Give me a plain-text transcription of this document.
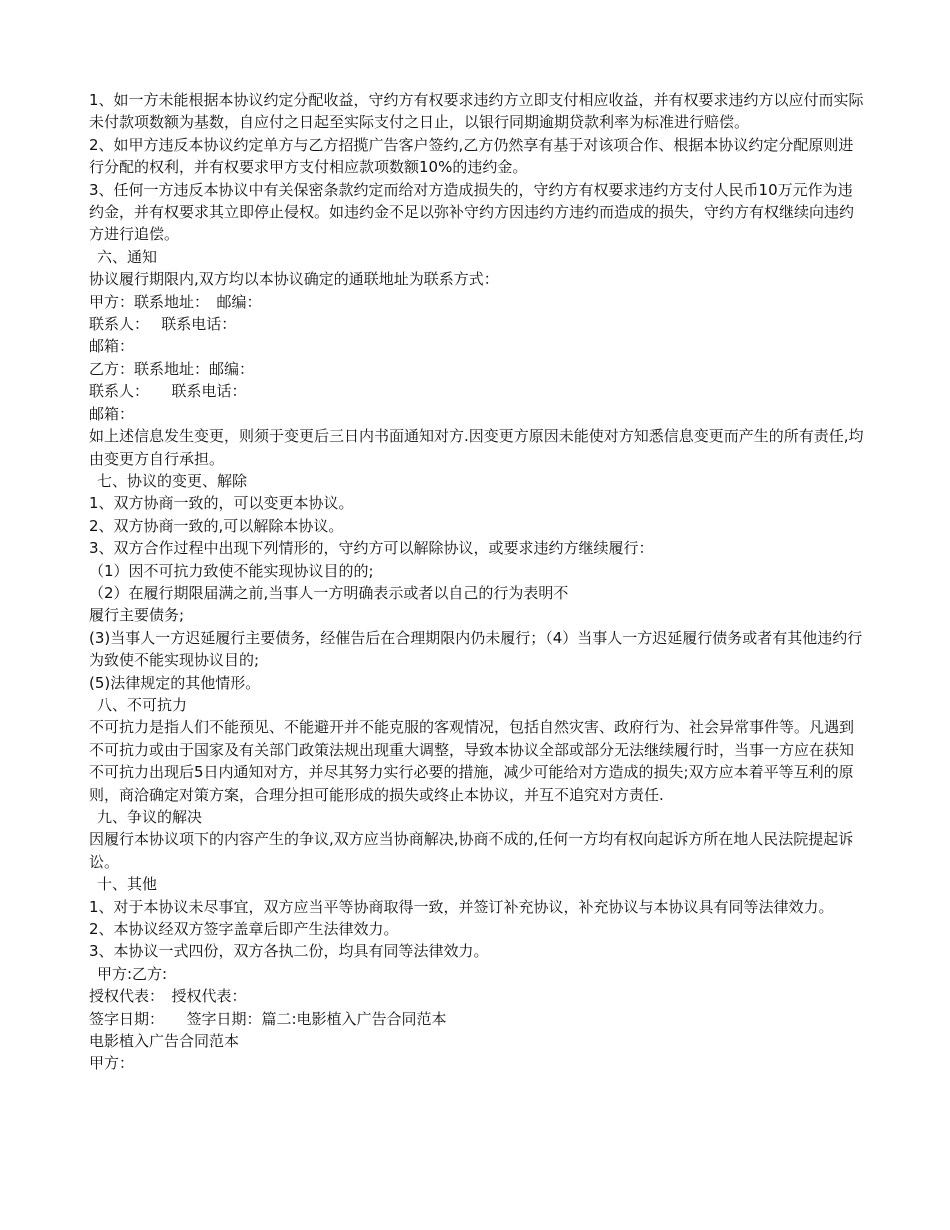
1、如一方未能根据本协议约定分配收益，守约方有权要求违约方立即支付相应收益，并有权要求违约方以应付而实际未付款项数额为基数，自应付之日起至实际支付之日止，以银行同期逾期贷款利率为标准进行赔偿。

2、如甲方违反本协议约定单方与乙方招揽广告客户签约,乙方仍然享有基于对该项合作、根据本协议约定分配原则进行分配的权利，并有权要求甲方支付相应款项数额10%的违约金。

3、任何一方违反本协议中有关保密条款约定而给对方造成损失的，守约方有权要求违约方支付人民币10万元作为违约金，并有权要求其立即停止侵权。如违约金不足以弥补守约方因违约方违约而造成的损失，守约方有权继续向违约方进行追偿。

六、通知

协议履行期限内,双方均以本协议确定的通联地址为联系方式：

甲方：联系地址：　邮编：

联系人：　 联系电话：

邮箱：

乙方：联系地址：邮编：

联系人：　　联系电话：

邮箱：

如上述信息发生变更，则须于变更后三日内书面通知对方.因变更方原因未能使对方知悉信息变更而产生的所有责任,均由变更方自行承担。

七、协议的变更、解除

1、双方协商一致的，可以变更本协议。

2、双方协商一致的,可以解除本协议。

3、双方合作过程中出现下列情形的，守约方可以解除协议，或要求违约方继续履行：

（1）因不可抗力致使不能实现协议目的的;

（2）在履行期限届满之前,当事人一方明确表示或者以自己的行为表明不

履行主要债务;

(3)当事人一方迟延履行主要债务，经催告后在合理期限内仍未履行；（4）当事人一方迟延履行债务或者有其他违约行为致使不能实现协议目的;

(5)法律规定的其他情形。

八、不可抗力

不可抗力是指人们不能预见、不能避开并不能克服的客观情况，包括自然灾害、政府行为、社会异常事件等。凡遇到不可抗力或由于国家及有关部门政策法规出现重大调整，导致本协议全部或部分无法继续履行时，当事一方应在获知不可抗力出现后5日内通知对方，并尽其努力实行必要的措施，减少可能给对方造成的损失;双方应本着平等互利的原则，商洽确定对策方案，合理分担可能形成的损失或终止本协议，并互不追究对方责任.

九、争议的解决

因履行本协议项下的内容产生的争议,双方应当协商解决,协商不成的,任何一方均有权向起诉方所在地人民法院提起诉讼。

十、其他

1、对于本协议未尽事宜，双方应当平等协商取得一致，并签订补充协议，补充协议与本协议具有同等法律效力。

2、本协议经双方签字盖章后即产生法律效力。

3、本协议一式四份，双方各执二份，均具有同等法律效力。

甲方:乙方:

授权代表：　授权代表：

签字日期：　　签字日期：篇二:电影植入广告合同范本

电影植入广告合同范本

甲方：
